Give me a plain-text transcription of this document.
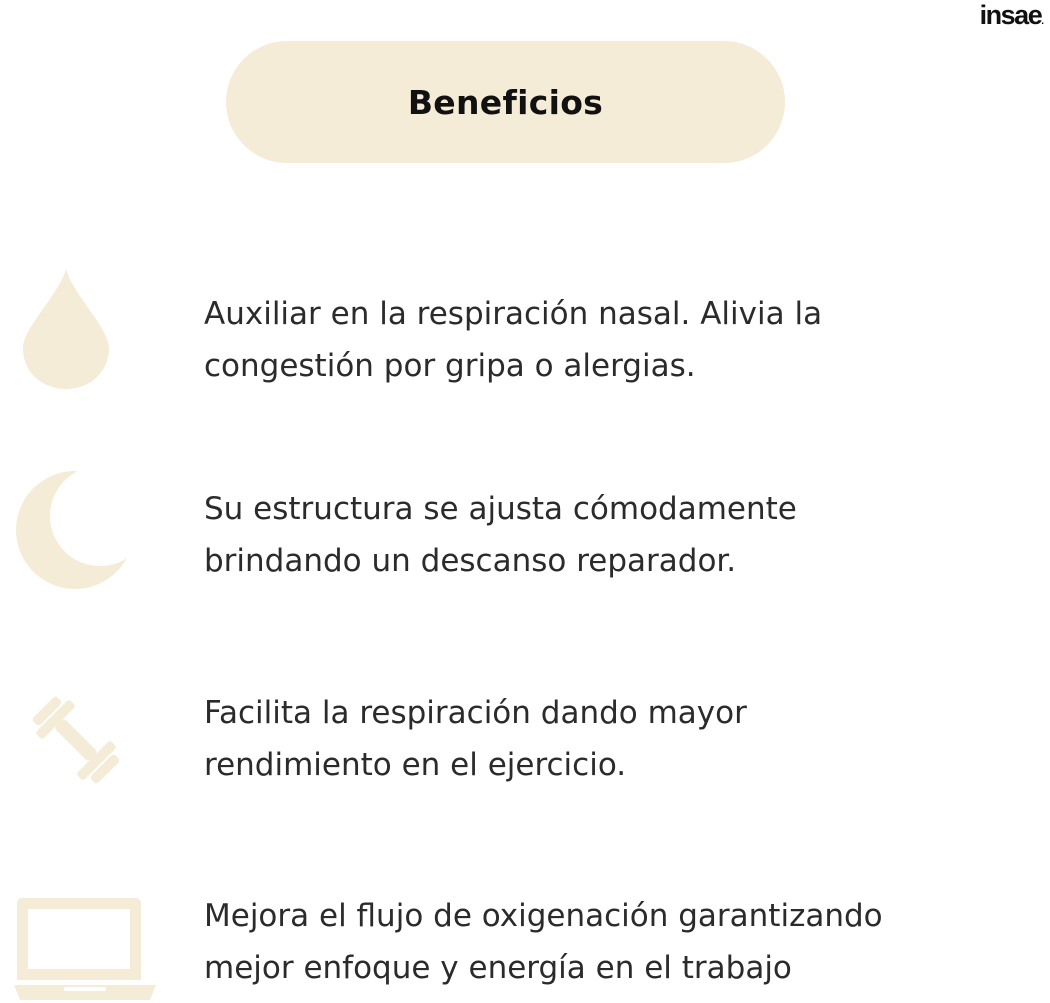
insae.
Beneficios
Auxiliar en la respiración nasal. Alivia la
congestión por gripa o alergias.
Su estructura se ajusta cómodamente
brindando un descanso reparador.
Facilita la respiración dando mayor
rendimiento en el ejercicio.
Mejora el flujo de oxigenación garantizando
mejor enfoque y energía en el trabajo
